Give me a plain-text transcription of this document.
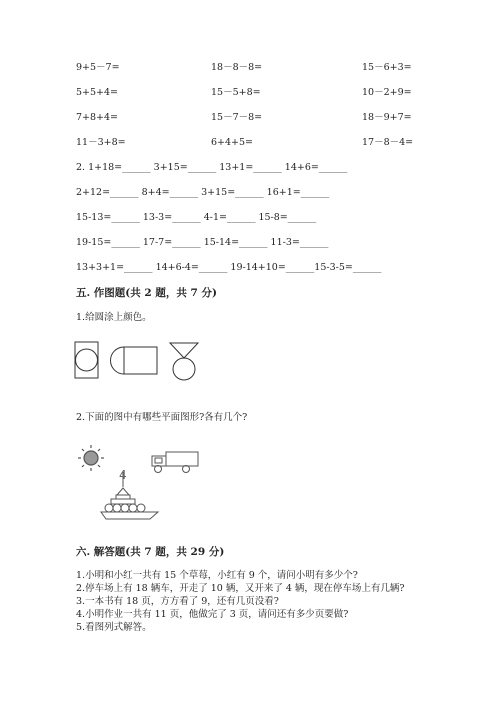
9+5－7=	18－8－8=	15－6+3=
5+5+4=	15－5+8=	10－2+9=
7+8+4=	15－7－8=	18－9+7=
11－3+8=	6+4+5=	17－8－4=
2. 1+18=______ 3+15=______ 13+1=______ 14+6=______
2+12=______ 8+4=______ 3+15=______ 16+1=______
15-13=______ 13-3=______ 4-1=______ 15-8=______
19-15=______ 17-7=______ 15-14=______ 11-3=______
13+3+1=______ 14+6-4=______ 19-14+10=______15-3-5=______
五. 作图题(共 2 题，共 7 分)
1.给圆涂上颜色。
2.下面的图中有哪些平面图形?各有几个?
4
六. 解答题(共 7 题，共 29 分)
1.小明和小红一共有 15 个草莓，小红有 9 个，请问小明有多少个?
2.停车场上有 18 辆车，开走了 10 辆，又开来了 4 辆，现在停车场上有几辆?
3.一本书有 18 页，方方看了 9，还有几页没看?
4.小明作业一共有 11 页，他做完了 3 页，请问还有多少页要做?
5.看图列式解答。
